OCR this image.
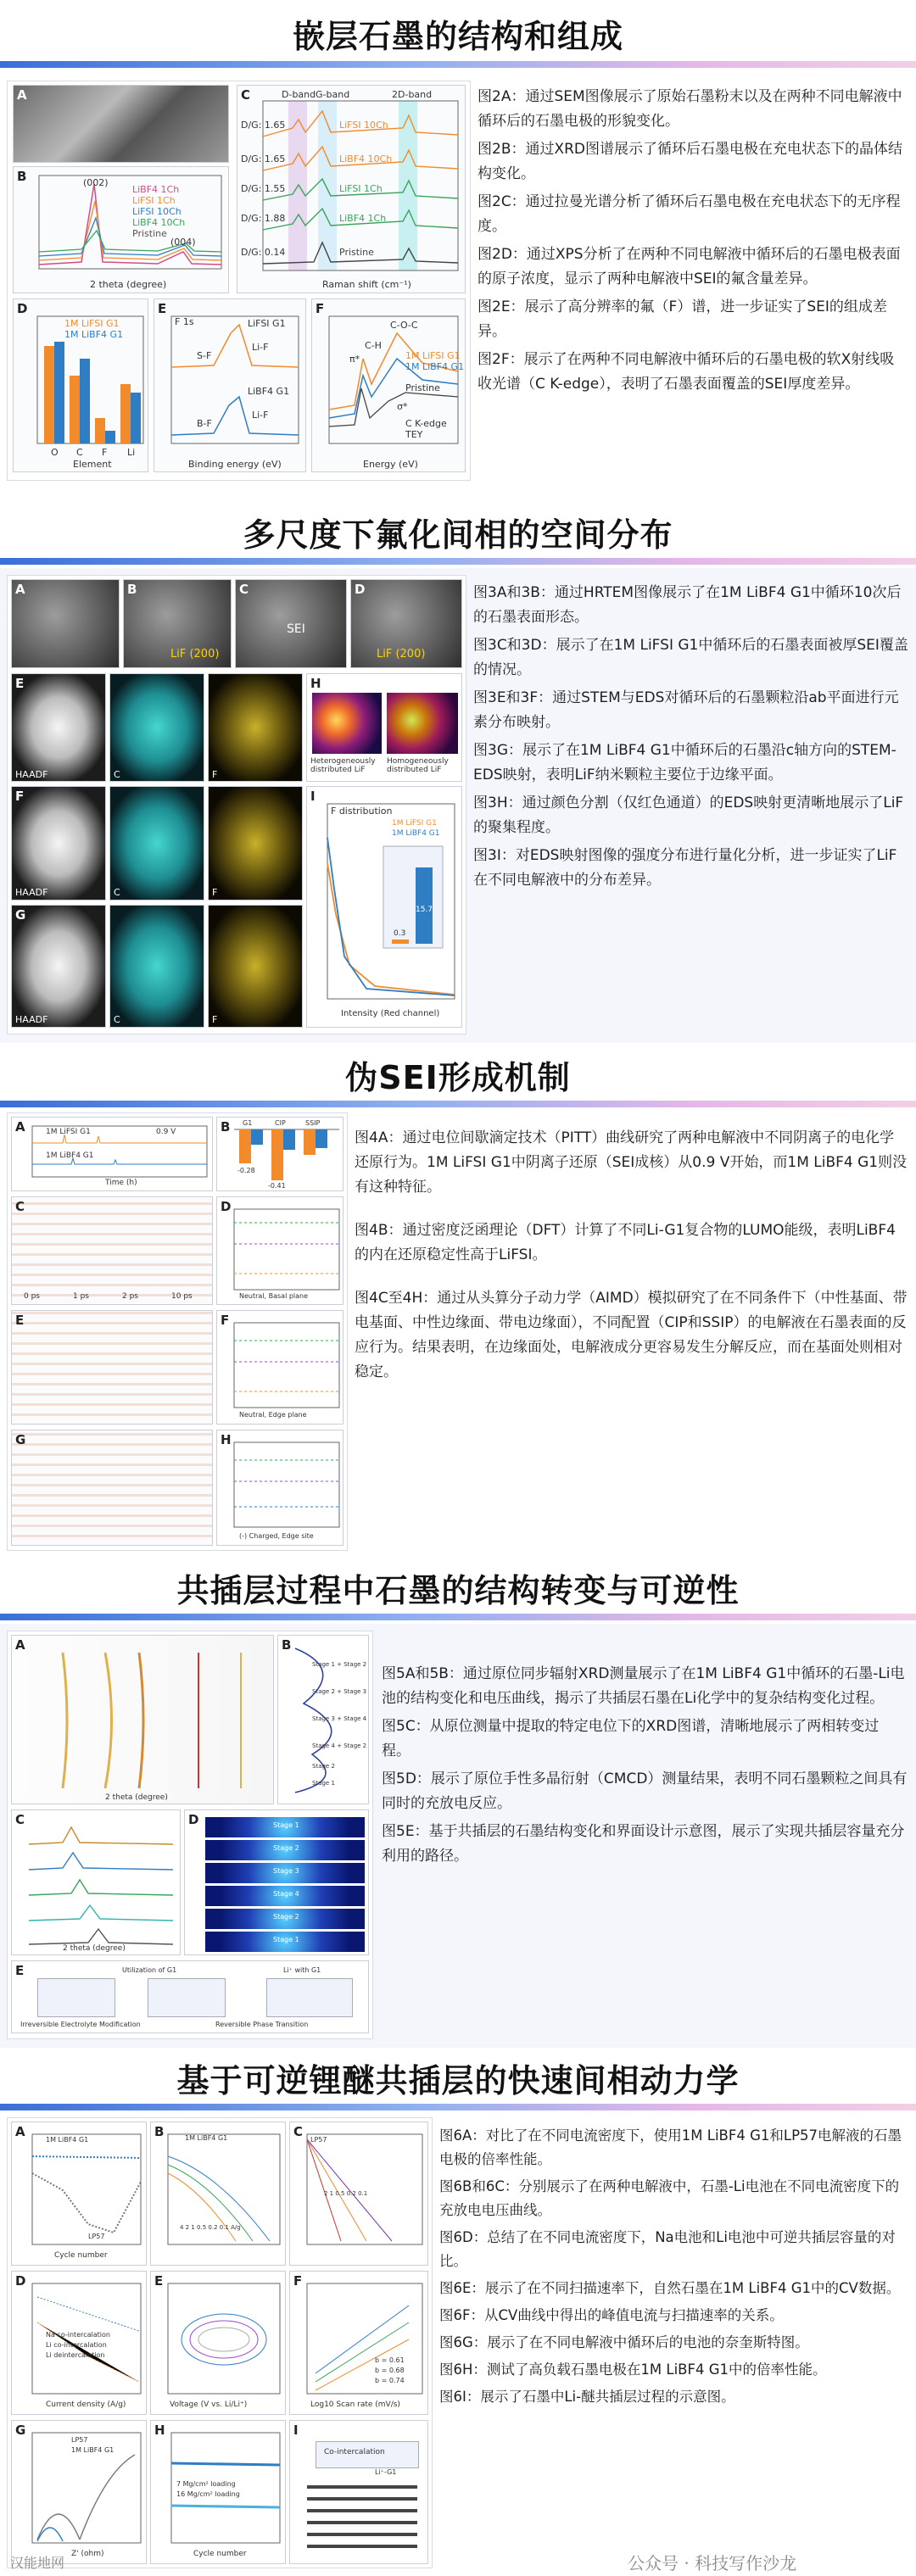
嵌层石墨的结构和组成
A
B	(002)
(004)
LiBF4 1Ch
LiFSI 1Ch
LiFSI 10Ch
LiBF4 10Ch
Pristine
2 theta (degree)
C	D-band G-band	2D-band
D/G: 1.65
D/G: 1.65
D/G: 1.55
D/G: 1.88
D/G: 0.14
LiFSI 10Ch
LiBF4 10Ch
LiFSI 1Ch
LiBF4 1Ch
Pristine
Raman shift (cm⁻¹)
D
1M LiFSI G1
1M LiBF4 G1
O C F Li
Element
E
F 1s	LiFSI G1
Li-F
S-F
LiBF4 G1
Li-F
B-F
Binding energy (eV)
F
C-O-C
C-H
π*
σ*
1M LiFSI G1
1M LiBF4 G1
Pristine
C K-edge
TEY
Energy (eV)

图2A：通过SEM图像展示了原始石墨粉末以及在两种不同电解液中循环后的石墨电极的形貌变化。

图2B：通过XRD图谱展示了循环后石墨电极在充电状态下的晶体结构变化。

图2C：通过拉曼光谱分析了循环后石墨电极在充电状态下的无序程度。

图2D：通过XPS分析了在两种不同电解液中循环后的石墨电极表面的原子浓度，显示了两种电解液中SEI的氟含量差异。

图2E：展示了高分辨率的氟（F）谱，进一步证实了SEI的组成差异。

图2F：展示了在两种不同电解液中循环后的石墨电极的软X射线吸收光谱（C K-edge），表明了石墨表面覆盖的SEI厚度差异。

多尺度下氟化间相的空间分布
A	B
LiF (200)
C
SEI
D
LiF (200)
E
HAADF	C	F
F
HAADF	C	F
G
HAADF	C	F
H
Heterogeneously distributed LiF
Homogeneously distributed LiF
I
F distribution
1M LiFSI G1
1M LiBF4 G1
0.3
15.7
Intensity (Red channel)

图3A和3B：通过HRTEM图像展示了在1M LiBF4 G1中循环10次后的石墨表面形态。

图3C和3D：展示了在1M LiFSI G1中循环后的石墨表面被厚SEI覆盖的情况。

图3E和3F：通过STEM与EDS对循环后的石墨颗粒沿ab平面进行元素分布映射。

图3G：展示了在1M LiBF4 G1中循环后的石墨沿c轴方向的STEM-EDS映射，表明LiF纳米颗粒主要位于边缘平面。

图3H：通过颜色分割（仅红色通道）的EDS映射更清晰地展示了LiF的聚集程度。

图3I：对EDS映射图像的强度分布进行量化分析，进一步证实了LiF在不同电解液中的分布差异。

伪SEI形成机制
A	1M LiFSI G1
1M LiBF4 G1
0.9 V
Time (h)
B
-0.28
-0.41
G1	CIP	SSIP
C
0 ps	1 ps	2 ps	10 ps
E
G
D
Neutral, Basal plane
F
Neutral, Edge plane
H
(-) Charged, Edge site

图4A：通过电位间歇滴定技术（PITT）曲线研究了两种电解液中不同阴离子的电化学还原行为。1M LiFSI G1中阴离子还原（SEI成核）从0.9 V开始，而1M LiBF4 G1则没有这种特征。

图4B：通过密度泛函理论（DFT）计算了不同Li-G1复合物的LUMO能级，表明LiBF4的内在还原稳定性高于LiFSI。

图4C至4H：通过从头算分子动力学（AIMD）模拟研究了在不同条件下（中性基面、带电基面、中性边缘面、带电边缘面），不同配置（CIP和SSIP）的电解液在石墨表面的反应行为。结果表明，在边缘面处，电解液成分更容易发生分解反应，而在基面处则相对稳定。

共插层过程中石墨的结构转变与可逆性
A
2 theta (degree)
B
Stage 1 + Stage 2
Stage 2 + Stage 3
Stage 3 + Stage 4
Stage 4 + Stage 2
Stage 2
Stage 1
C
2 theta (degree)
D	Stage 1
Stage 2
Stage 3
Stage 4
Stage 2
Stage 1
E	Utilization of G1
Irreversible Electrolyte Modification	Reversible Phase Transition
Li⁺ with G1

图5A和5B：通过原位同步辐射XRD测量展示了在1M LiBF4 G1中循环的石墨-Li电池的结构变化和电压曲线，揭示了共插层石墨在Li化学中的复杂结构变化过程。

图5C：从原位测量中提取的特定电位下的XRD图谱，清晰地展示了两相转变过程。

图5D：展示了原位手性多晶衍射（CMCD）测量结果，表明不同石墨颗粒之间具有同时的充放电反应。

图5E：基于共插层的石墨结构变化和界面设计示意图，展示了实现共插层容量充分利用的路径。

基于可逆锂醚共插层的快速间相动力学
A
1M LiBF4 G1
LP57
Cycle number
B	1M LiBF4 G1
4 2 1 0.5 0.2 0.1 A/g
C
LP57
2 1 0.5 0.2 0.1
D
Na co-intercalation
Li co-intercalation
Li deintercalation
Current density (A/g)
E
Voltage (V vs. Li/Li⁺)
F
b = 0.61
b = 0.68
b = 0.74
Log10 Scan rate (mV/s)
G
LP57
1M LiBF4 G1
Z' (ohm)
H
7 Mg/cm² loading
16 Mg/cm² loading
Cycle number
I
Co-intercalation
Li⁺-G1

图6A：对比了在不同电流密度下，使用1M LiBF4 G1和LP57电解液的石墨电极的倍率性能。

图6B和6C：分别展示了在两种电解液中，石墨-Li电池在不同电流密度下的充放电电压曲线。

图6D：总结了在不同电流密度下，Na电池和Li电池中可逆共插层容量的对比。

图6E：展示了在不同扫描速率下，自然石墨在1M LiBF4 G1中的CV数据。

图6F：从CV曲线中得出的峰值电流与扫描速率的关系。

图6G：展示了在不同电解液中循环后的电池的奈奎斯特图。

图6H：测试了高负载石墨电极在1M LiBF4 G1中的倍率性能。

图6I：展示了石墨中Li-醚共插层过程的示意图。

汉能地网	公众号 · 科技写作沙龙
